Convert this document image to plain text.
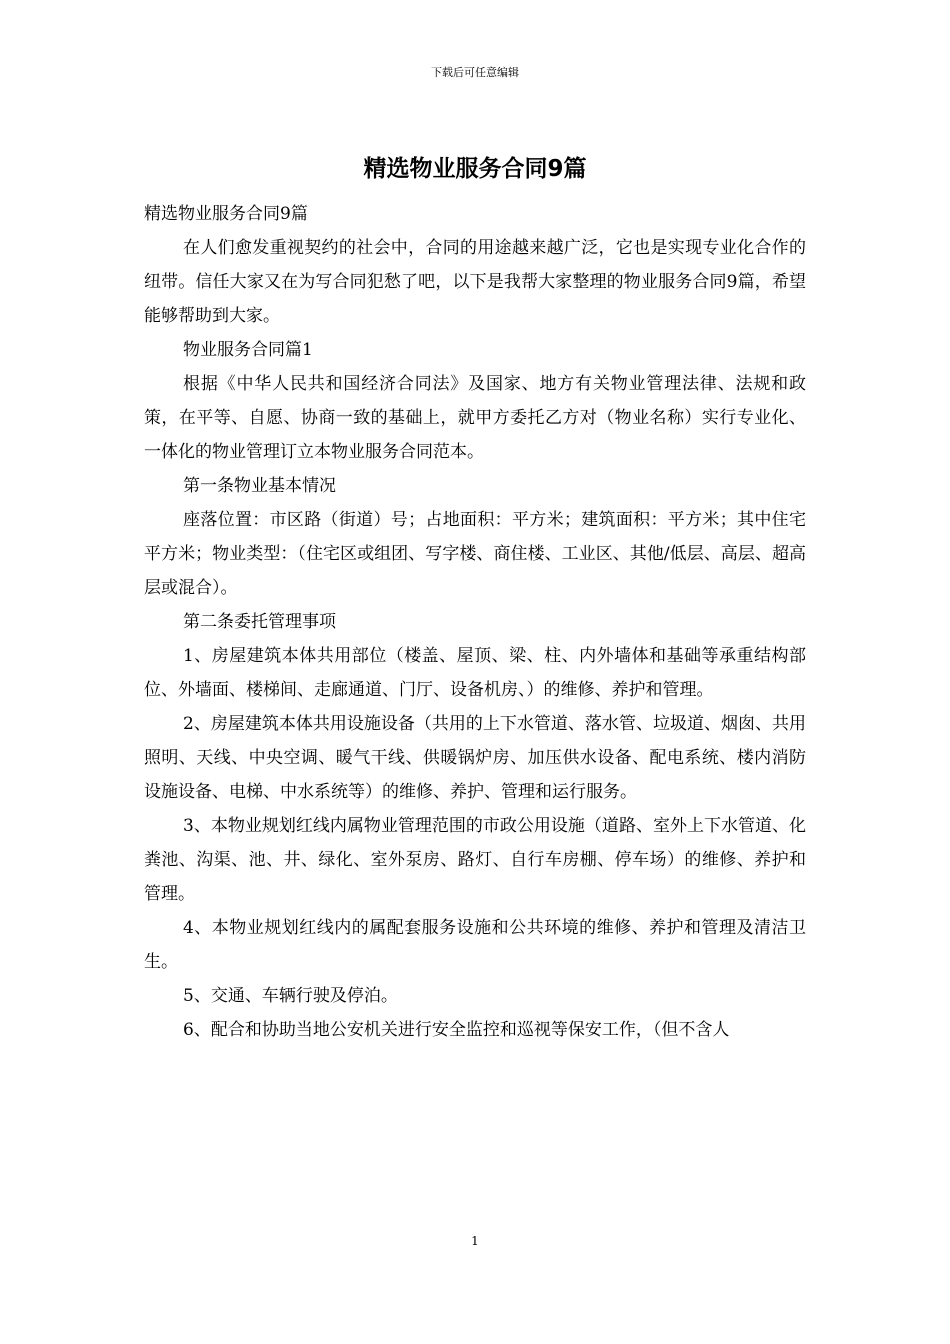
下载后可任意编辑
精选物业服务合同9篇

精选物业服务合同9篇

在人们愈发重视契约的社会中，合同的用途越来越广泛，它也是实现专业化合作的纽带。信任大家又在为写合同犯愁了吧，以下是我帮大家整理的物业服务合同9篇，希望能够帮助到大家。

物业服务合同篇1

根据《中华人民共和国经济合同法》及国家、地方有关物业管理法律、法规和政策，在平等、自愿、协商一致的基础上，就甲方委托乙方对（物业名称）实行专业化、一体化的物业管理订立本物业服务合同范本。

第一条物业基本情况

座落位置：市区路（街道）号；占地面积：平方米；建筑面积：平方米；其中住宅平方米；物业类型：（住宅区或组团、写字楼、商住楼、工业区、其他/低层、高层、超高层或混合）。

第二条委托管理事项

1、房屋建筑本体共用部位（楼盖、屋顶、梁、柱、内外墙体和基础等承重结构部位、外墙面、楼梯间、走廊通道、门厅、设备机房、）的维修、养护和管理。

2、房屋建筑本体共用设施设备（共用的上下水管道、落水管、垃圾道、烟囱、共用照明、天线、中央空调、暖气干线、供暖锅炉房、加压供水设备、配电系统、楼内消防设施设备、电梯、中水系统等）的维修、养护、管理和运行服务。

3、本物业规划红线内属物业管理范围的市政公用设施（道路、室外上下水管道、化粪池、沟渠、池、井、绿化、室外泵房、路灯、自行车房棚、停车场）的维修、养护和管理。

4、本物业规划红线内的属配套服务设施和公共环境的维修、养护和管理及清洁卫生。

5、交通、车辆行驶及停泊。

6、配合和协助当地公安机关进行安全监控和巡视等保安工作，（但不含人

1
